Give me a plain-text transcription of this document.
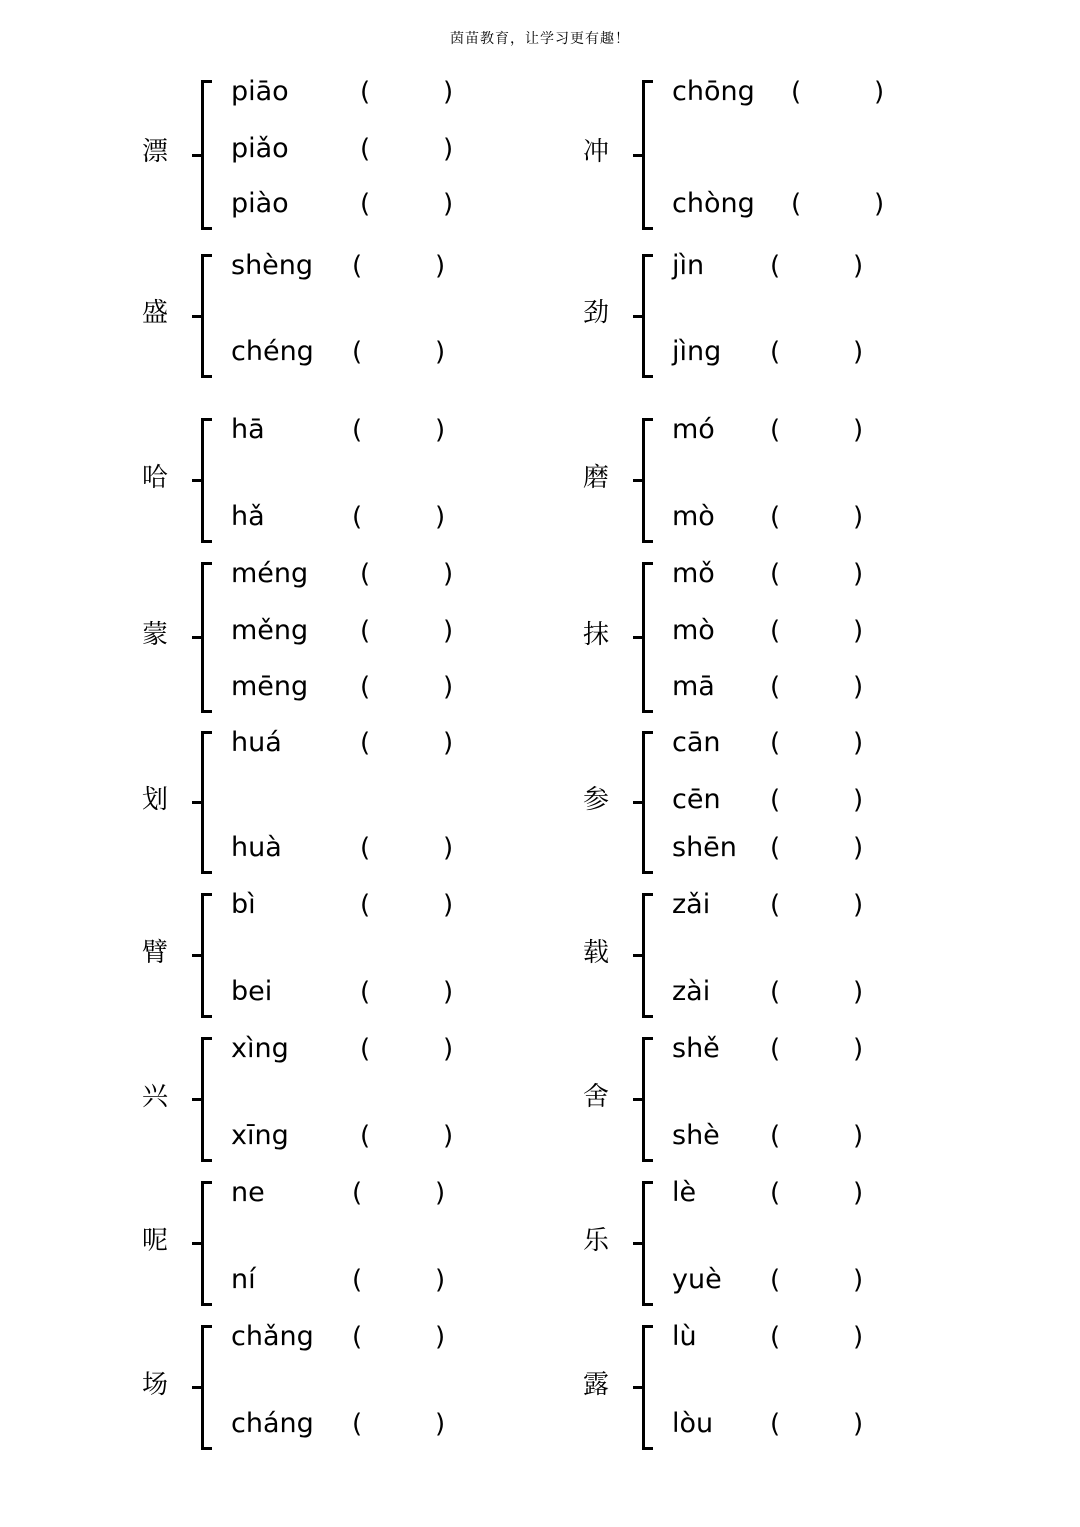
茵苗教育，让学习更有趣！
漂
piāo	(	)
piǎo	(	)
piào	(	)
冲
chōng (	)
chòng (	)
盛
shèng (	)
chéng (	)
劲
jìn	(	)
jìng (	)
哈
hā	(	)
hǎ	(	)
磨
mó (	)
mò (	)
蒙
méng (	)
měng (	)
mēng (	)
抹
mǒ (	)
mò (	)
mā (	)
划
huá	(	)
huà	(	)
参
cān (	)
cēn (	)
shēn (	)
臂
bì	(	)
bei	(	)
载
zǎi (	)
zài (	)
兴
xìng	(	)
xīng	(	)
舍
shě (	)
shè (	)
呢
ne	(	)
ní	(	)
乐
lè	(	)
yuè (	)
场
chǎng (	)
cháng (	)
露
lù	(	)
lòu (	)
